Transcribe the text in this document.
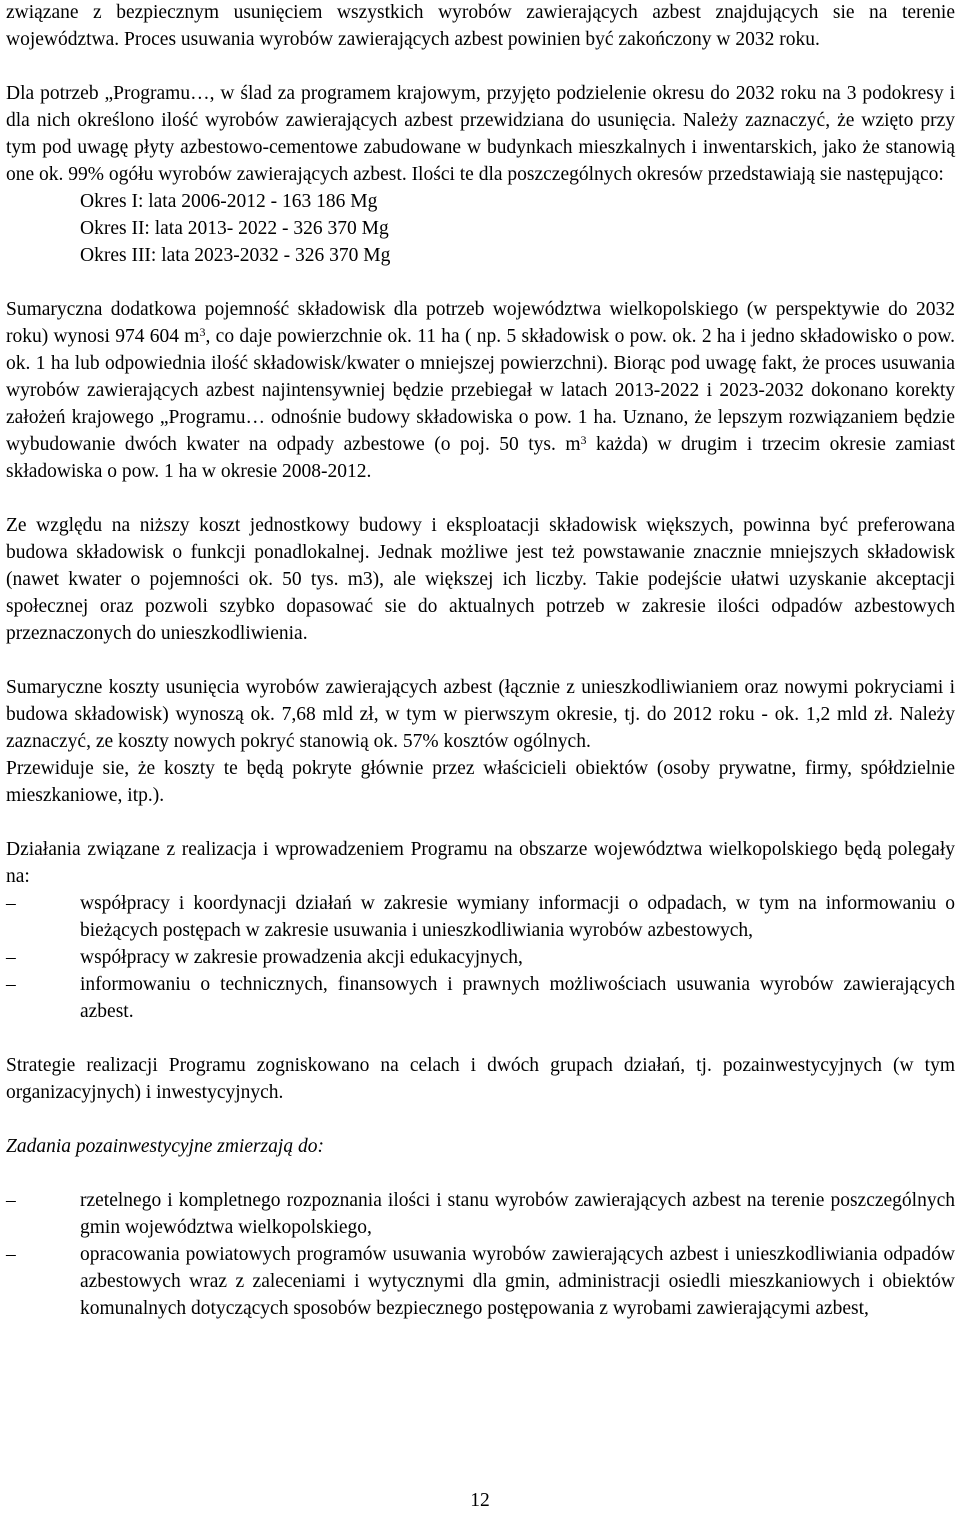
związane z bezpiecznym usunięciem wszystkich wyrobów zawierających azbest znajdujących sie na terenie województwa. Proces usuwania wyrobów zawierających azbest powinien być zakończony w 2032 roku.

Dla potrzeb „Programu…, w ślad za programem krajowym, przyjęto podzielenie okresu do 2032 roku na 3 podokresy i dla nich określono ilość wyrobów zawierających azbest przewidziana do usunięcia. Należy zaznaczyć, że wzięto przy tym pod uwagę płyty azbestowo-cementowe zabudowane w budynkach mieszkalnych i inwentarskich, jako że stanowią one ok. 99% ogółu wyrobów zawierających azbest. Ilości te dla poszczególnych okresów przedstawiają sie następująco:

Okres I: lata 2006-2012 - 163 186 Mg
Okres II: lata 2013- 2022 - 326 370 Mg
Okres III: lata 2023-2032 - 326 370 Mg

Sumaryczna dodatkowa pojemność składowisk dla potrzeb województwa wielkopolskiego (w perspektywie do 2032 roku) wynosi 974 604 $m^3$, co daje powierzchnie ok. 11 ha ( np. 5 składowisk o pow. ok. 2 ha i jedno składowisko o pow. ok. 1 ha lub odpowiednia ilość składowisk/kwater o mniejszej powierzchni). Biorąc pod uwagę fakt, że proces usuwania wyrobów zawierających azbest najintensywniej będzie przebiegał w latach 2013-2022 i 2023-2032 dokonano korekty założeń krajowego „Programu… odnośnie budowy składowiska o pow. 1 ha. Uznano, że lepszym rozwiązaniem będzie wybudowanie dwóch kwater na odpady azbestowe (o poj. 50 tys. $m^3$ każda) w drugim i trzecim okresie zamiast składowiska o pow. 1 ha w okresie 2008-2012.

Ze względu na niższy koszt jednostkowy budowy i eksploatacji składowisk większych, powinna być preferowana budowa składowisk o funkcji ponadlokalnej. Jednak możliwe jest też powstawanie znacznie mniejszych składowisk (nawet kwater o pojemności ok. 50 tys. m3), ale większej ich liczby. Takie podejście ułatwi uzyskanie akceptacji społecznej oraz pozwoli szybko dopasować sie do aktualnych potrzeb w zakresie ilości odpadów azbestowych przeznaczonych do unieszkodliwienia.

Sumaryczne koszty usunięcia wyrobów zawierających azbest (łącznie z unieszkodliwianiem oraz nowymi pokryciami i budowa składowisk) wynoszą ok. 7,68 mld zł, w tym w pierwszym okresie, tj. do 2012 roku - ok. 1,2 mld zł. Należy zaznaczyć, ze koszty nowych pokryć stanowią ok. 57% kosztów ogólnych.

Przewiduje sie, że koszty te będą pokryte głównie przez właścicieli obiektów (osoby prywatne, firmy, spółdzielnie mieszkaniowe, itp.).

Działania związane z realizacja i wprowadzeniem Programu na obszarze województwa wielkopolskiego będą polegały na:

–	współpracy i koordynacji działań w zakresie wymiany informacji o odpadach, w tym na informowaniu o bieżących postępach w zakresie usuwania i unieszkodliwiania wyrobów azbestowych,
–	współpracy w zakresie prowadzenia akcji edukacyjnych,
–	informowaniu o technicznych, finansowych i prawnych możliwościach usuwania wyrobów zawierających azbest.

Strategie realizacji Programu zogniskowano na celach i dwóch grupach działań, tj. pozainwestycyjnych (w tym organizacyjnych) i inwestycyjnych.

Zadania pozainwestycyjne zmierzają do:

–	rzetelnego i kompletnego rozpoznania ilości i stanu wyrobów zawierających azbest na terenie poszczególnych gmin województwa wielkopolskiego,
–	opracowania powiatowych programów usuwania wyrobów zawierających azbest i unieszkodliwiania odpadów azbestowych wraz z zaleceniami i wytycznymi dla gmin, administracji osiedli mieszkaniowych i obiektów komunalnych dotyczących sposobów bezpiecznego postępowania z wyrobami zawierającymi azbest,
12
